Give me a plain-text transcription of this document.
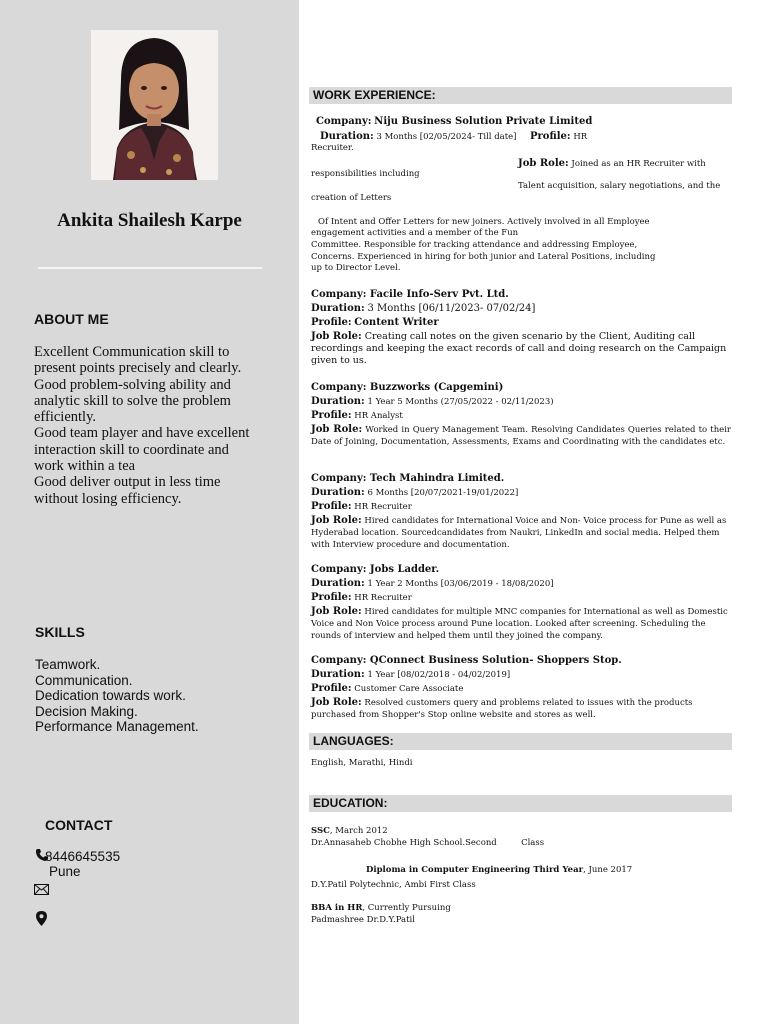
Ankita Shailesh Karpe
ABOUT ME
Excellent Communication skill to
present points precisely and clearly.
Good problem-solving ability and
analytic skill to solve the problem
efficiently.
Good team player and have excellent
interaction skill to coordinate and
work within a tea
Good deliver output in less time
without losing efficiency.
SKILLS
Teamwork.
Communication.
Dedication towards work.
Decision Making.
Performance Management.
CONTACT
8446645535
Pune
WORK EXPERIENCE:
Company: Niju Business Solution Private Limited
Duration: 3 Months [02/05/2024- Till date] Profile: HR
Recruiter.
Job Role: Joined as an HR Recruiter with
responsibilities including
Talent acquisition, salary negotiations, and the
creation of Letters
Of Intent and Offer Letters for new joiners. Actively involved in all Employee
engagement activities and a member of the Fun
Committee. Responsible for tracking attendance and addressing Employee,
Concerns. Experienced in hiring for both junior and Lateral Positions, including
up to Director Level.
Company: Facile Info-Serv Pvt. Ltd.
Duration: 3 Months [06/11/2023- 07/02/24]
Profile: Content Writer
Job Role: Creating call notes on the given scenario by the Client, Auditing call recordings and keeping the exact records of call and doing research on the Campaign given to us.
Company: Buzzworks (Capgemini)
Duration: 1 Year 5 Months (27/05/2022 - 02/11/2023)
Profile: HR Analyst
Job Role: Worked in Query Management Team. Resolving Candidates Queries related to their Date of Joining, Documentation, Assessments, Exams and Coordinating with the candidates etc.
Company: Tech Mahindra Limited.
Duration: 6 Months [20/07/2021-19/01/2022]
Profile: HR Recruiter
Job Role: Hired candidates for International Voice and Non- Voice process for Pune as well as Hyderabad location. Sourcedcandidates from Naukri, LinkedIn and social media. Helped them with Interview procedure and documentation.
Company: Jobs Ladder.
Duration: 1 Year 2 Months [03/06/2019 - 18/08/2020]
Profile: HR Recruiter
Job Role: Hired candidates for multiple MNC companies for International as well as Domestic Voice and Non Voice process around Pune location. Looked after screening. Scheduling the rounds of interview and helped them until they joined the company.
Company: QConnect Business Solution- Shoppers Stop.
Duration: 1 Year [08/02/2018 - 04/02/2019]
Profile: Customer Care Associate
Job Role: Resolved customers query and problems related to issues with the products purchased from Shopper's Stop online website and stores as well.
LANGUAGES:
English, Marathi, Hindi
EDUCATION:
SSC, March 2012
Dr.Annasaheb Chobhe High School.Second	Class
Diploma in Computer Engineering Third Year, June 2017
D.Y.Patil Polytechnic, Ambi First Class
BBA in HR, Currently Pursuing
Padmashree Dr.D.Y.Patil
